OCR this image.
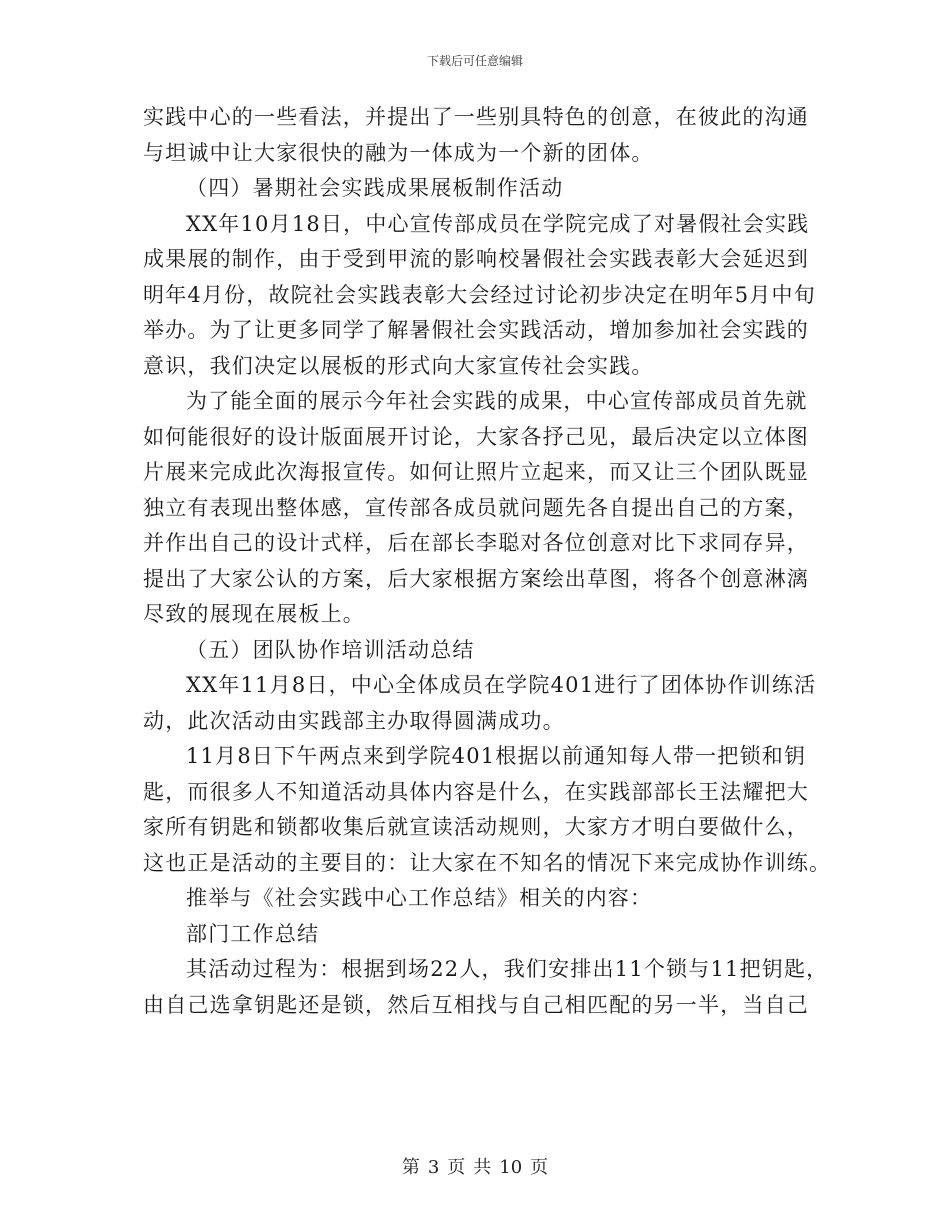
下载后可任意编辑
实践中心的一些看法，并提出了一些别具特色的创意，在彼此的沟通
与坦诚中让大家很快的融为一体成为一个新的团体。
（四）暑期社会实践成果展板制作活动
XX年10月18日，中心宣传部成员在学院完成了对暑假社会实践
成果展的制作，由于受到甲流的影响校暑假社会实践表彰大会延迟到
明年4月份，故院社会实践表彰大会经过讨论初步决定在明年5月中旬
举办。为了让更多同学了解暑假社会实践活动，增加参加社会实践的
意识，我们决定以展板的形式向大家宣传社会实践。
为了能全面的展示今年社会实践的成果，中心宣传部成员首先就
如何能很好的设计版面展开讨论，大家各抒己见，最后决定以立体图
片展来完成此次海报宣传。如何让照片立起来，而又让三个团队既显
独立有表现出整体感，宣传部各成员就问题先各自提出自己的方案，
并作出自己的设计式样，后在部长李聪对各位创意对比下求同存异，
提出了大家公认的方案，后大家根据方案绘出草图，将各个创意淋漓
尽致的展现在展板上。
（五）团队协作培训活动总结
XX年11月8日，中心全体成员在学院401进行了团体协作训练活
动，此次活动由实践部主办取得圆满成功。
11月8日下午两点来到学院401根据以前通知每人带一把锁和钥
匙，而很多人不知道活动具体内容是什么，在实践部部长王法耀把大
家所有钥匙和锁都收集后就宣读活动规则，大家方才明白要做什么，
这也正是活动的主要目的：让大家在不知名的情况下来完成协作训练。
推举与《社会实践中心工作总结》相关的内容：
部门工作总结
其活动过程为：根据到场22人，我们安排出11个锁与11把钥匙，
由自己选拿钥匙还是锁，然后互相找与自己相匹配的另一半，当自己
第 3 页 共 10 页
